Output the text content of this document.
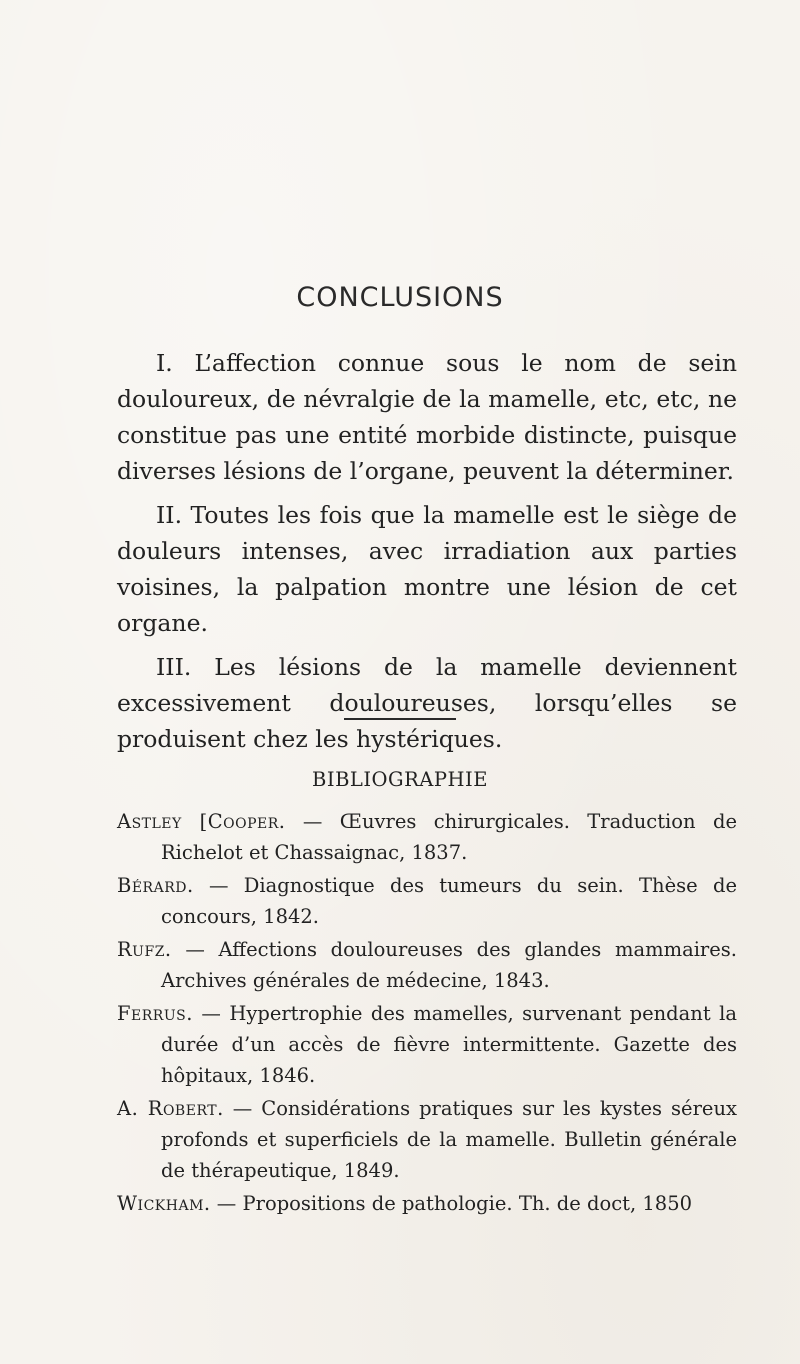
CONCLUSIONS

I. L’affection connue sous le nom de sein douloureux, de névralgie de la mamelle, etc, etc, ne constitue pas une entité morbide distincte, puisque diverses lésions de l’organe, peuvent la déterminer.

II. Toutes les fois que la mamelle est le siège de douleurs intenses, avec irradiation aux parties voisines, la palpation montre une lésion de cet organe.

III. Les lésions de la mamelle deviennent excessivement douloureuses, lorsqu’elles se produisent chez les hystériques.

BIBLIOGRAPHIE
Astley [Cooper. — Œuvres chirurgicales. Traduction de Richelot et Chassaignac, 1837.
Bérard. — Diagnostique des tumeurs du sein. Thèse de concours, 1842.
Rufz. — Affections douloureuses des glandes mammaires. Archives générales de médecine, 1843.
Ferrus. — Hypertrophie des mamelles, survenant pendant la durée d’un accès de fièvre intermittente. Gazette des hôpitaux, 1846.
A. Robert. — Considérations pratiques sur les kystes séreux profonds et superficiels de la mamelle. Bulletin générale de thérapeutique, 1849.
Wickham. — Propositions de pathologie. Th. de doct, 1850
